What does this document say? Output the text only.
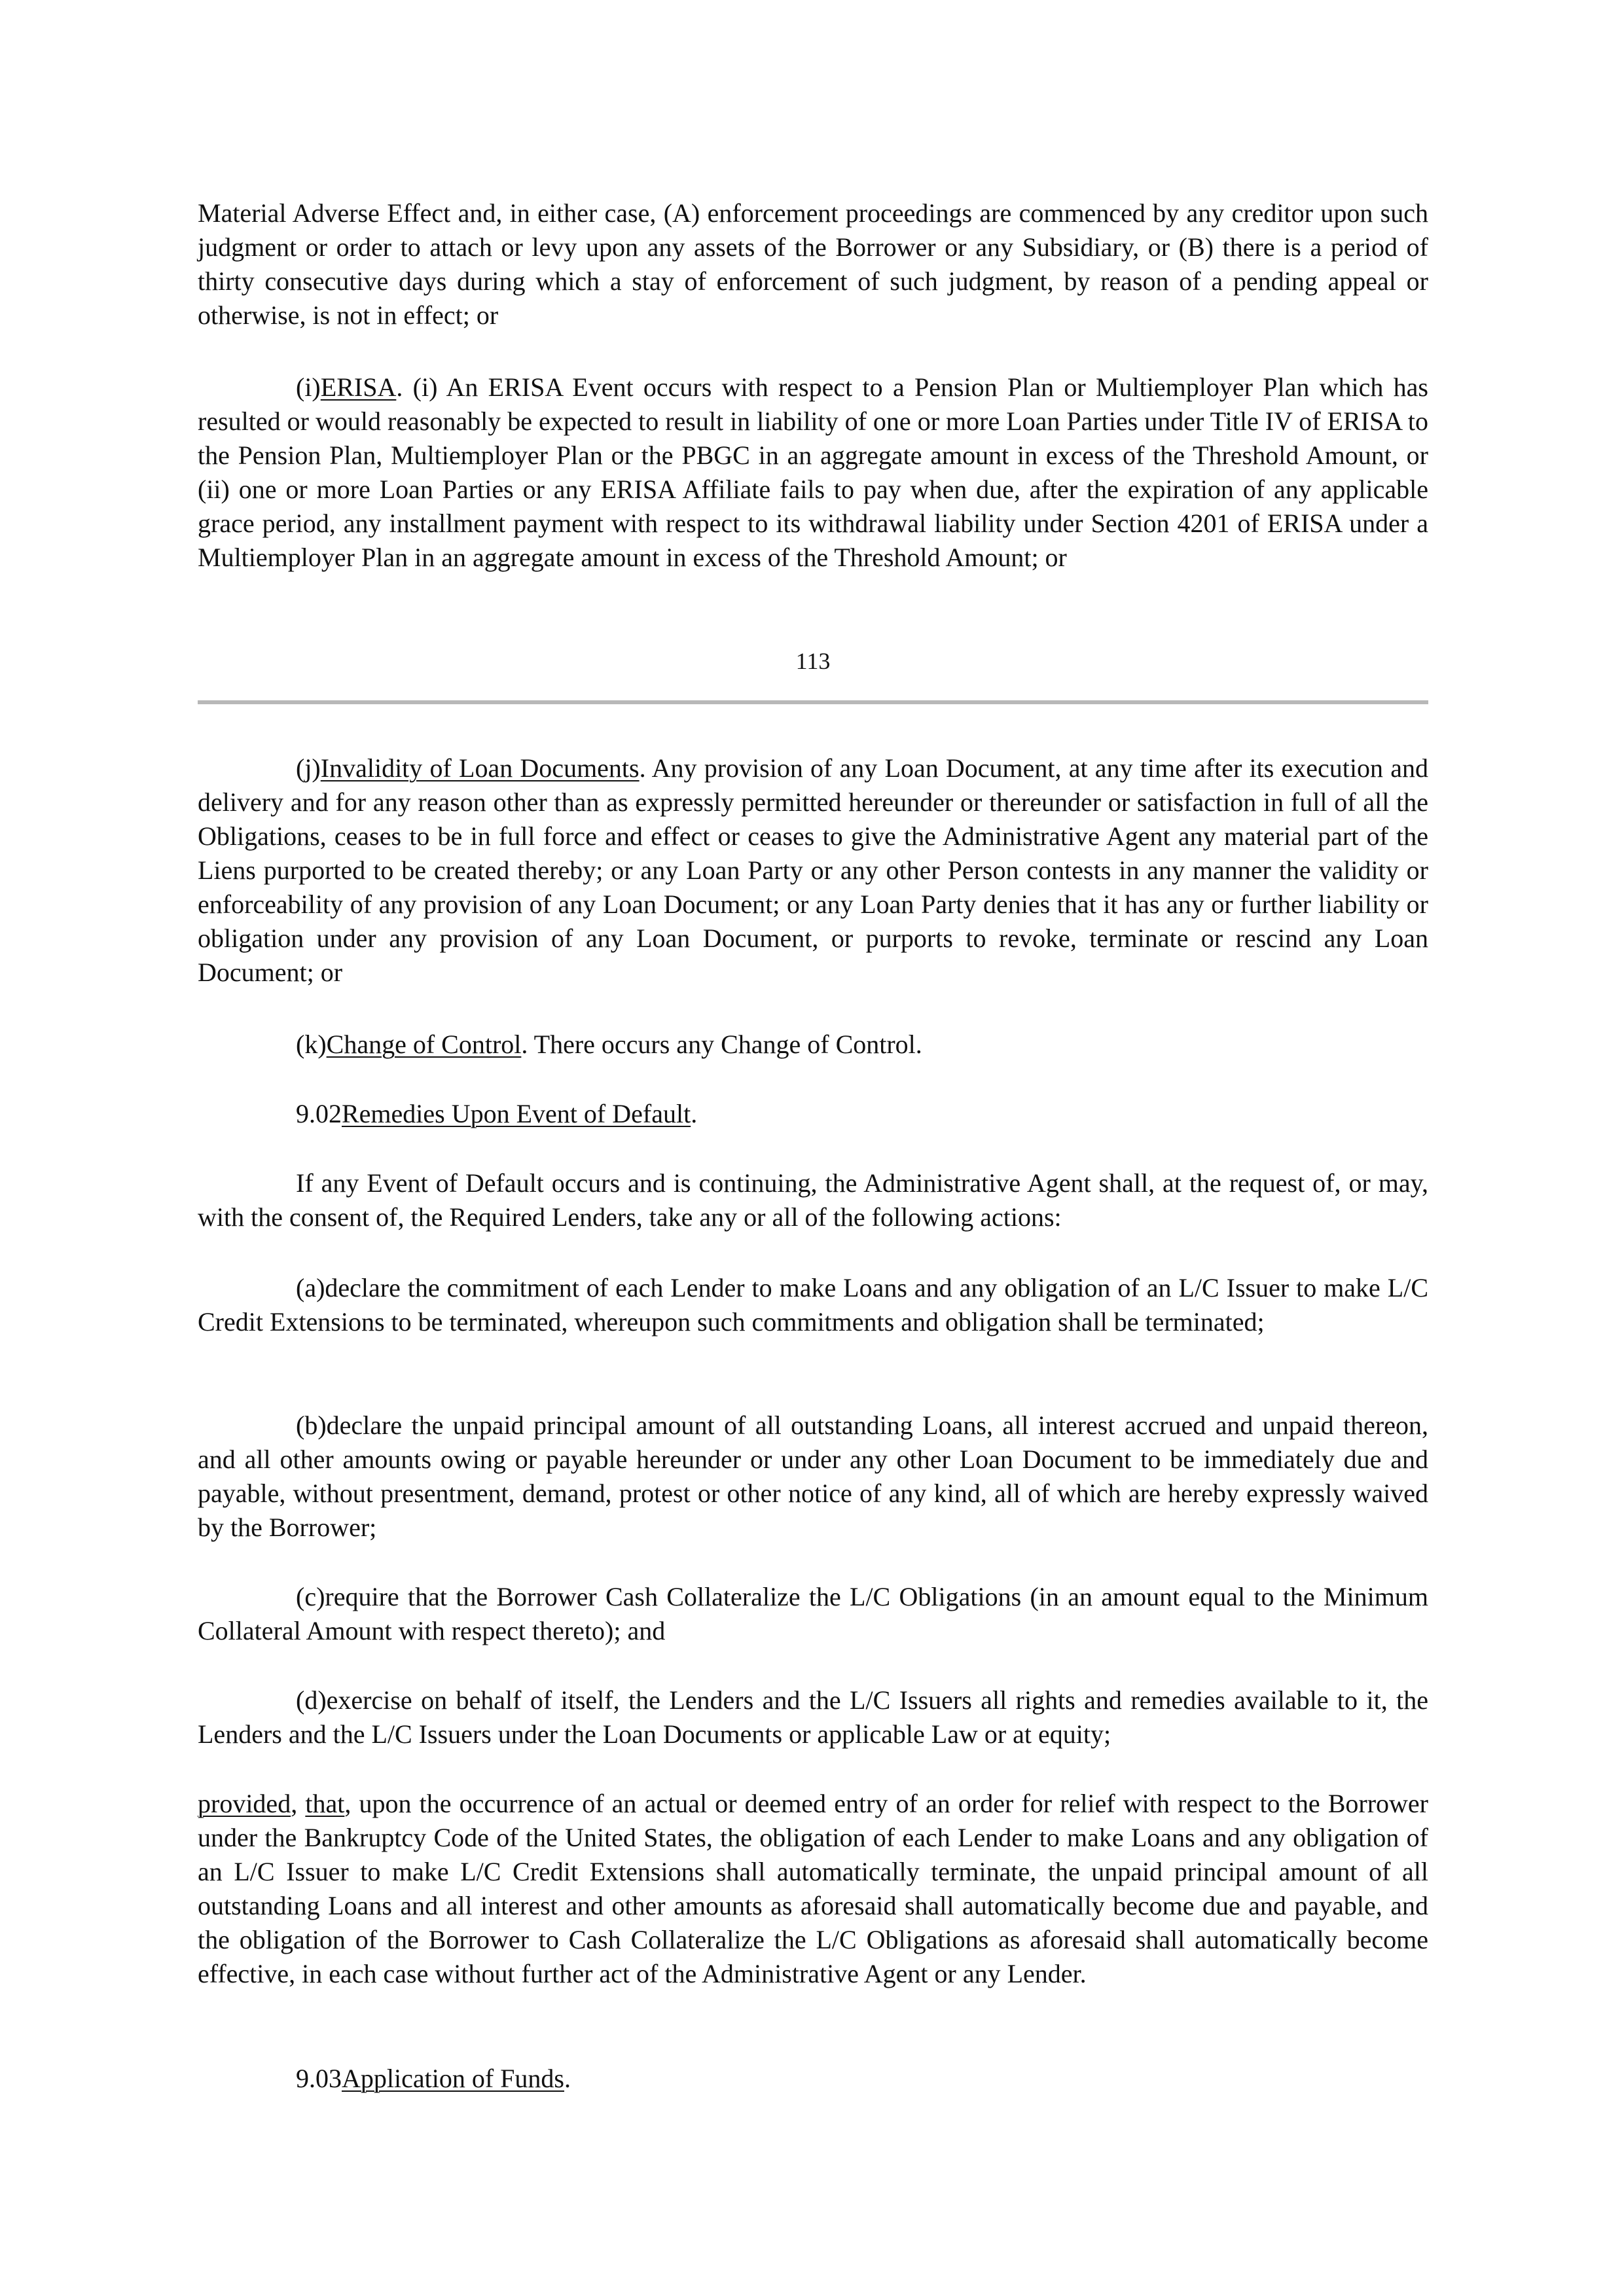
Material Adverse Effect and, in either case, (A) enforcement proceedings are commenced by any creditor upon such judgment or order to attach or levy upon any assets of the Borrower or any Subsidiary, or (B) there is a period of thirty consecutive days during which a stay of enforcement of such judgment, by reason of a pending appeal or otherwise, is not in effect; or

(i)ERISA. (i) An ERISA Event occurs with respect to a Pension Plan or Multiemployer Plan which has resulted or would reasonably be expected to result in liability of one or more Loan Parties under Title IV of ERISA to the Pension Plan, Multiemployer Plan or the PBGC in an aggregate amount in excess of the Threshold Amount, or (ii) one or more Loan Parties or any ERISA Affiliate fails to pay when due, after the expiration of any applicable grace period, any installment payment with respect to its withdrawal liability under Section 4201 of ERISA under a Multiemployer Plan in an aggregate amount in excess of the Threshold Amount; or

113

(j)Invalidity of Loan Documents. Any provision of any Loan Document, at any time after its execution and delivery and for any reason other than as expressly permitted hereunder or thereunder or satisfaction in full of all the Obligations, ceases to be in full force and effect or ceases to give the Administrative Agent any material part of the Liens purported to be created thereby; or any Loan Party or any other Person contests in any manner the validity or enforceability of any provision of any Loan Document; or any Loan Party denies that it has any or further liability or obligation under any provision of any Loan Document, or purports to revoke, terminate or rescind any Loan Document; or

(k)Change of Control. There occurs any Change of Control.

9.02Remedies Upon Event of Default.

If any Event of Default occurs and is continuing, the Administrative Agent shall, at the request of, or may, with the consent of, the Required Lenders, take any or all of the following actions:

(a)declare the commitment of each Lender to make Loans and any obligation of an L/C Issuer to make L/C Credit Extensions to be terminated, whereupon such commitments and obligation shall be terminated;

(b)declare the unpaid principal amount of all outstanding Loans, all interest accrued and unpaid thereon, and all other amounts owing or payable hereunder or under any other Loan Document to be immediately due and payable, without presentment, demand, protest or other notice of any kind, all of which are hereby expressly waived by the Borrower;

(c)require that the Borrower Cash Collateralize the L/C Obligations (in an amount equal to the Minimum Collateral Amount with respect thereto); and

(d)exercise on behalf of itself, the Lenders and the L/C Issuers all rights and remedies available to it, the Lenders and the L/C Issuers under the Loan Documents or applicable Law or at equity;

provided, that, upon the occurrence of an actual or deemed entry of an order for relief with respect to the Borrower under the Bankruptcy Code of the United States, the obligation of each Lender to make Loans and any obligation of an L/C Issuer to make L/C Credit Extensions shall automatically terminate, the unpaid principal amount of all outstanding Loans and all interest and other amounts as aforesaid shall automatically become due and payable, and the obligation of the Borrower to Cash Collateralize the L/C Obligations as aforesaid shall automatically become effective, in each case without further act of the Administrative Agent or any Lender.

9.03Application of Funds.
